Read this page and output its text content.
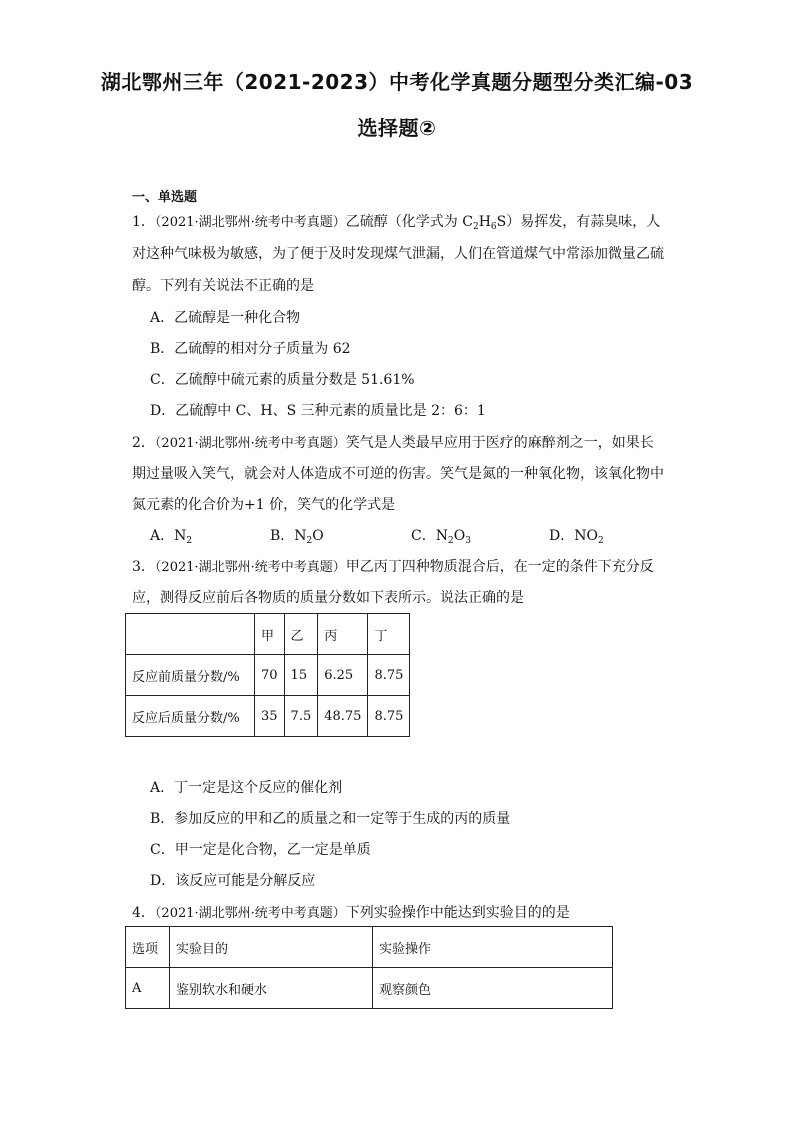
湖北鄂州三年（2021-2023）中考化学真题分题型分类汇编-03
选择题②
一、单选题
1．（2021·湖北鄂州·统考中考真题）乙硫醇（化学式为 $C_2H_6S$）易挥发，有蒜臭味，人
对这种气味极为敏感，为了便于及时发现煤气泄漏，人们在管道煤气中常添加微量乙硫
醇。下列有关说法不正确的是
A．乙硫醇是一种化合物
B．乙硫醇的相对分子质量为 62
C．乙硫醇中硫元素的质量分数是 51.61%
D．乙硫醇中 C、H、S 三种元素的质量比是 2：6：1
2．（2021·湖北鄂州·统考中考真题）笑气是人类最早应用于医疗的麻醉剂之一，如果长
期过量吸入笑气，就会对人体造成不可逆的伤害。笑气是氮的一种氧化物，该氧化物中
氮元素的化合价为+1 价，笑气的化学式是
A．$N_2$	B．$N_2O$	C．$N_2O_3$	D．$NO_2$
3．（2021·湖北鄂州·统考中考真题）甲乙丙丁四种物质混合后，在一定的条件下充分反
应，测得反应前后各物质的质量分数如下表所示。说法正确的是
	甲	乙	丙	丁
反应前质量分数/%	70	15	6.25	8.75
反应后质量分数/%	35	7.5	48.75	8.75
A．丁一定是这个反应的催化剂
B．参加反应的甲和乙的质量之和一定等于生成的丙的质量
C．甲一定是化合物，乙一定是单质
D．该反应可能是分解反应
4．（2021·湖北鄂州·统考中考真题）下列实验操作中能达到实验目的的是
选项	实验目的	实验操作
A	鉴别软水和硬水	观察颜色
